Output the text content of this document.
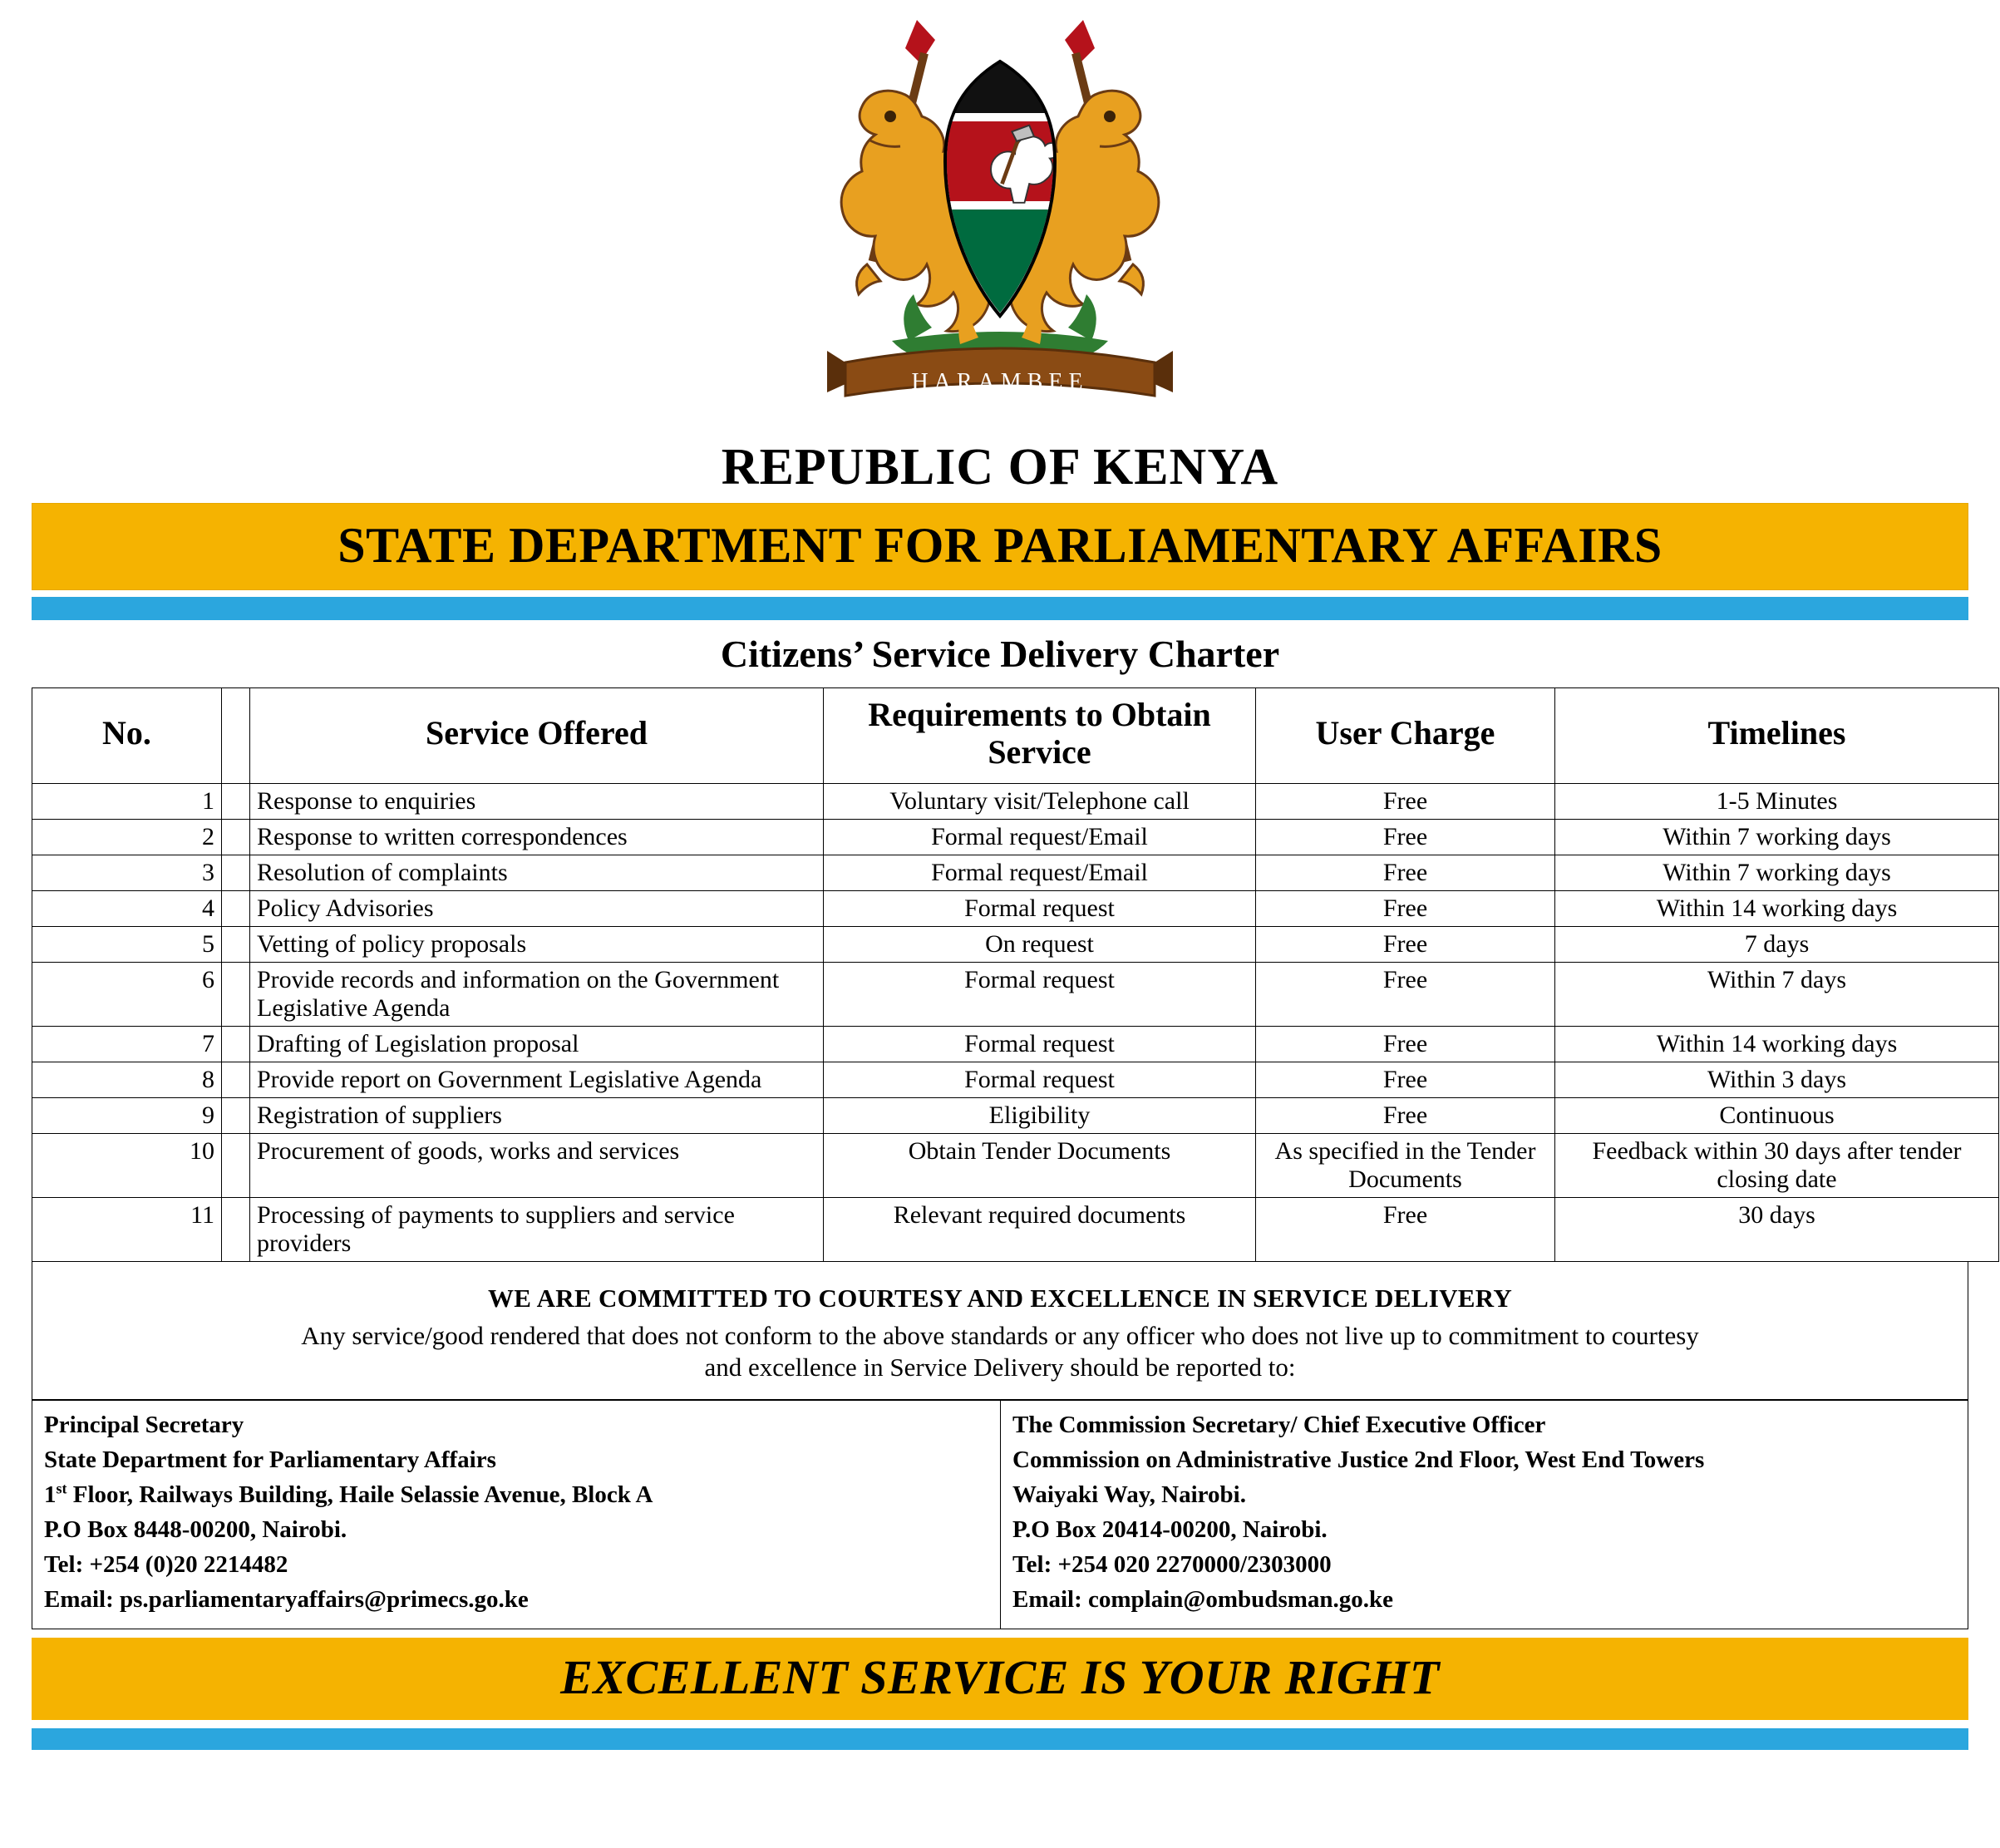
HARAMBEE
REPUBLIC OF KENYA
STATE DEPARTMENT FOR PARLIAMENTARY AFFAIRS
Citizens’ Service Delivery Charter
No.		Service Offered	Requirements to Obtain Service	User Charge	Timelines
1		Response to enquiries	Voluntary visit/Telephone call	Free	1-5 Minutes
2		Response to written correspondences	Formal request/Email	Free	Within 7 working days
3		Resolution of complaints	Formal request/Email	Free	Within 7 working days
4		Policy Advisories	Formal request	Free	Within 14 working days
5		Vetting of policy proposals	On request	Free	7 days
6		Provide records and information on the Government Legislative Agenda	Formal request	Free	Within 7 days
7		Drafting of Legislation proposal	Formal request	Free	Within 14 working days
8		Provide report on Government Legislative Agenda	Formal request	Free	Within 3 days
9		Registration of suppliers	Eligibility	Free	Continuous
10		Procurement of goods, works and services	Obtain Tender Documents	As specified in the Tender Documents	Feedback within 30 days after tender closing date
11		Processing of payments to suppliers and service providers	Relevant required documents	Free	30 days
WE ARE COMMITTED TO COURTESY AND EXCELLENCE IN SERVICE DELIVERY
Any service/good rendered that does not conform to the above standards or any officer who does not live up to commitment to courtesy
and excellence in Service Delivery should be reported to:
Principal Secretary
State Department for Parliamentary Affairs
1st Floor, Railways Building, Haile Selassie Avenue, Block A
P.O Box 8448-00200, Nairobi.
Tel: +254 (0)20 2214482
Email: ps.parliamentaryaffairs@primecs.go.ke
The Commission Secretary/ Chief Executive Officer
Commission on Administrative Justice 2nd Floor, West End Towers
Waiyaki Way, Nairobi.
P.O Box 20414-00200, Nairobi.
Tel: +254 020 2270000/2303000
Email: complain@ombudsman.go.ke
EXCELLENT SERVICE IS YOUR RIGHT
